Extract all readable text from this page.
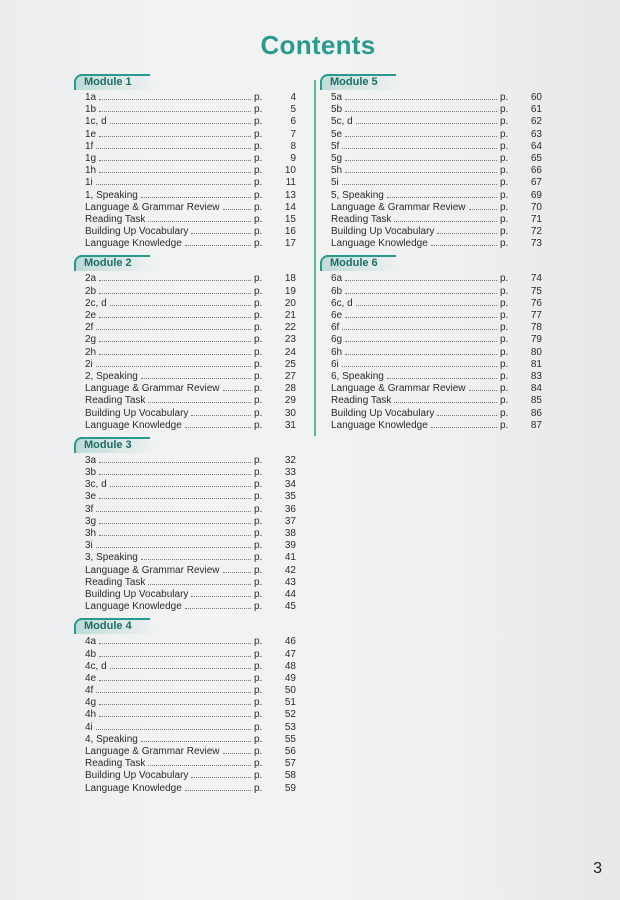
Contents
Module 1
1a	p.	4
1b	p.	5
1c, d	p.	6
1e	p.	7
1f	p.	8
1g	p.	9
1h	p.	10
1i	p.	11
1, Speaking	p.	13
Language & Grammar Review	p.	14
Reading Task	p.	15
Building Up Vocabulary	p.	16
Language Knowledge	p.	17
Module 2
2a	p.	18
2b	p.	19
2c, d	p.	20
2e	p.	21
2f	p.	22
2g	p.	23
2h	p.	24
2i	p.	25
2, Speaking	p.	27
Language & Grammar Review	p.	28
Reading Task	p.	29
Building Up Vocabulary	p.	30
Language Knowledge	p.	31
Module 3
3a	p.	32
3b	p.	33
3c, d	p.	34
3e	p.	35
3f	p.	36
3g	p.	37
3h	p.	38
3i	p.	39
3, Speaking	p.	41
Language & Grammar Review	p.	42
Reading Task	p.	43
Building Up Vocabulary	p.	44
Language Knowledge	p.	45
Module 4
4a	p.	46
4b	p.	47
4c, d	p.	48
4e	p.	49
4f	p.	50
4g	p.	51
4h	p.	52
4i	p.	53
4, Speaking	p.	55
Language & Grammar Review	p.	56
Reading Task	p.	57
Building Up Vocabulary	p.	58
Language Knowledge	p.	59
Module 5
5a	p.	60
5b	p.	61
5c, d	p.	62
5e	p.	63
5f	p.	64
5g	p.	65
5h	p.	66
5i	p.	67
5, Speaking	p.	69
Language & Grammar Review	p.	70
Reading Task	p.	71
Building Up Vocabulary	p.	72
Language Knowledge	p.	73
Module 6
6a	p.	74
6b	p.	75
6c, d	p.	76
6e	p.	77
6f	p.	78
6g	p.	79
6h	p.	80
6i	p.	81
6, Speaking	p.	83
Language & Grammar Review	p.	84
Reading Task	p.	85
Building Up Vocabulary	p.	86
Language Knowledge	p.	87
3
